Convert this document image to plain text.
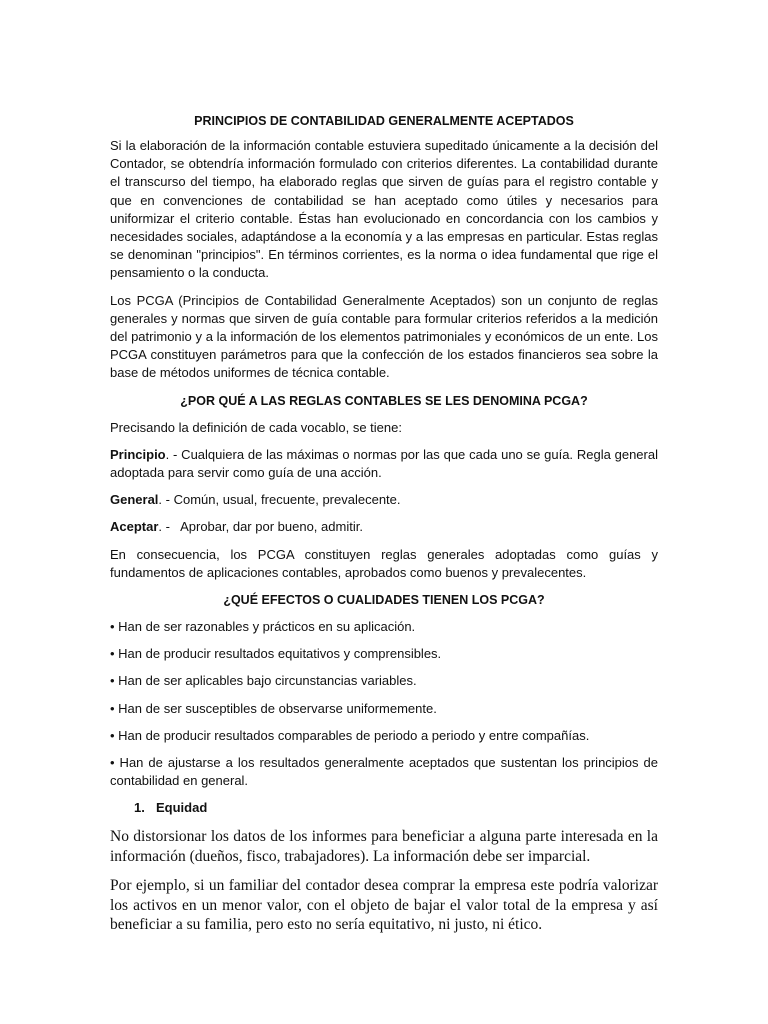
PRINCIPIOS DE CONTABILIDAD GENERALMENTE ACEPTADOS

Si la elaboración de la información contable estuviera supeditado únicamente a la decisión del Contador, se obtendría información formulado con criterios diferentes. La contabilidad durante el transcurso del tiempo, ha elaborado reglas que sirven de guías para el registro contable y que en convenciones de contabilidad se han aceptado como útiles y necesarios para uniformizar el criterio contable. Éstas han evolucionado en concordancia con los cambios y necesidades sociales, adaptándose a la economía y a las empresas en particular. Estas reglas se denominan "principios". En términos corrientes, es la norma o idea fundamental que rige el pensamiento o la conducta.

Los PCGA (Principios de Contabilidad Generalmente Aceptados) son un conjunto de reglas generales y normas que sirven de guía contable para formular criterios referidos a la medición del patrimonio y a la información de los elementos patrimoniales y económicos de un ente. Los PCGA constituyen parámetros para que la confección de los estados financieros sea sobre la base de métodos uniformes de técnica contable.

¿POR QUÉ A LAS REGLAS CONTABLES SE LES DENOMINA PCGA?

Precisando la definición de cada vocablo, se tiene:

Principio. - Cualquiera de las máximas o normas por las que cada uno se guía. Regla general adoptada para servir como guía de una acción.

General. - Común, usual, frecuente, prevalecente.

Aceptar. -   Aprobar, dar por bueno, admitir.

En consecuencia, los PCGA constituyen reglas generales adoptadas como guías y fundamentos de aplicaciones contables, aprobados como buenos y prevalecentes.

¿QUÉ EFECTOS O CUALIDADES TIENEN LOS PCGA?
• Han de ser razonables y prácticos en su aplicación.
• Han de producir resultados equitativos y comprensibles.
• Han de ser aplicables bajo circunstancias variables.
• Han de ser susceptibles de observarse uniformemente.
• Han de producir resultados comparables de periodo a periodo y entre compañías.
• Han de ajustarse a los resultados generalmente aceptados que sustentan los principios de contabilidad en general.
1. Equidad

No distorsionar los datos de los informes para beneficiar a alguna parte interesada en la información (dueños, fisco, trabajadores). La información debe ser imparcial.

Por ejemplo, si un familiar del contador desea comprar la empresa este podría valorizar los activos en un menor valor, con el objeto de bajar el valor total de la empresa y así beneficiar a su familia, pero esto no sería equitativo, ni justo, ni ético.
